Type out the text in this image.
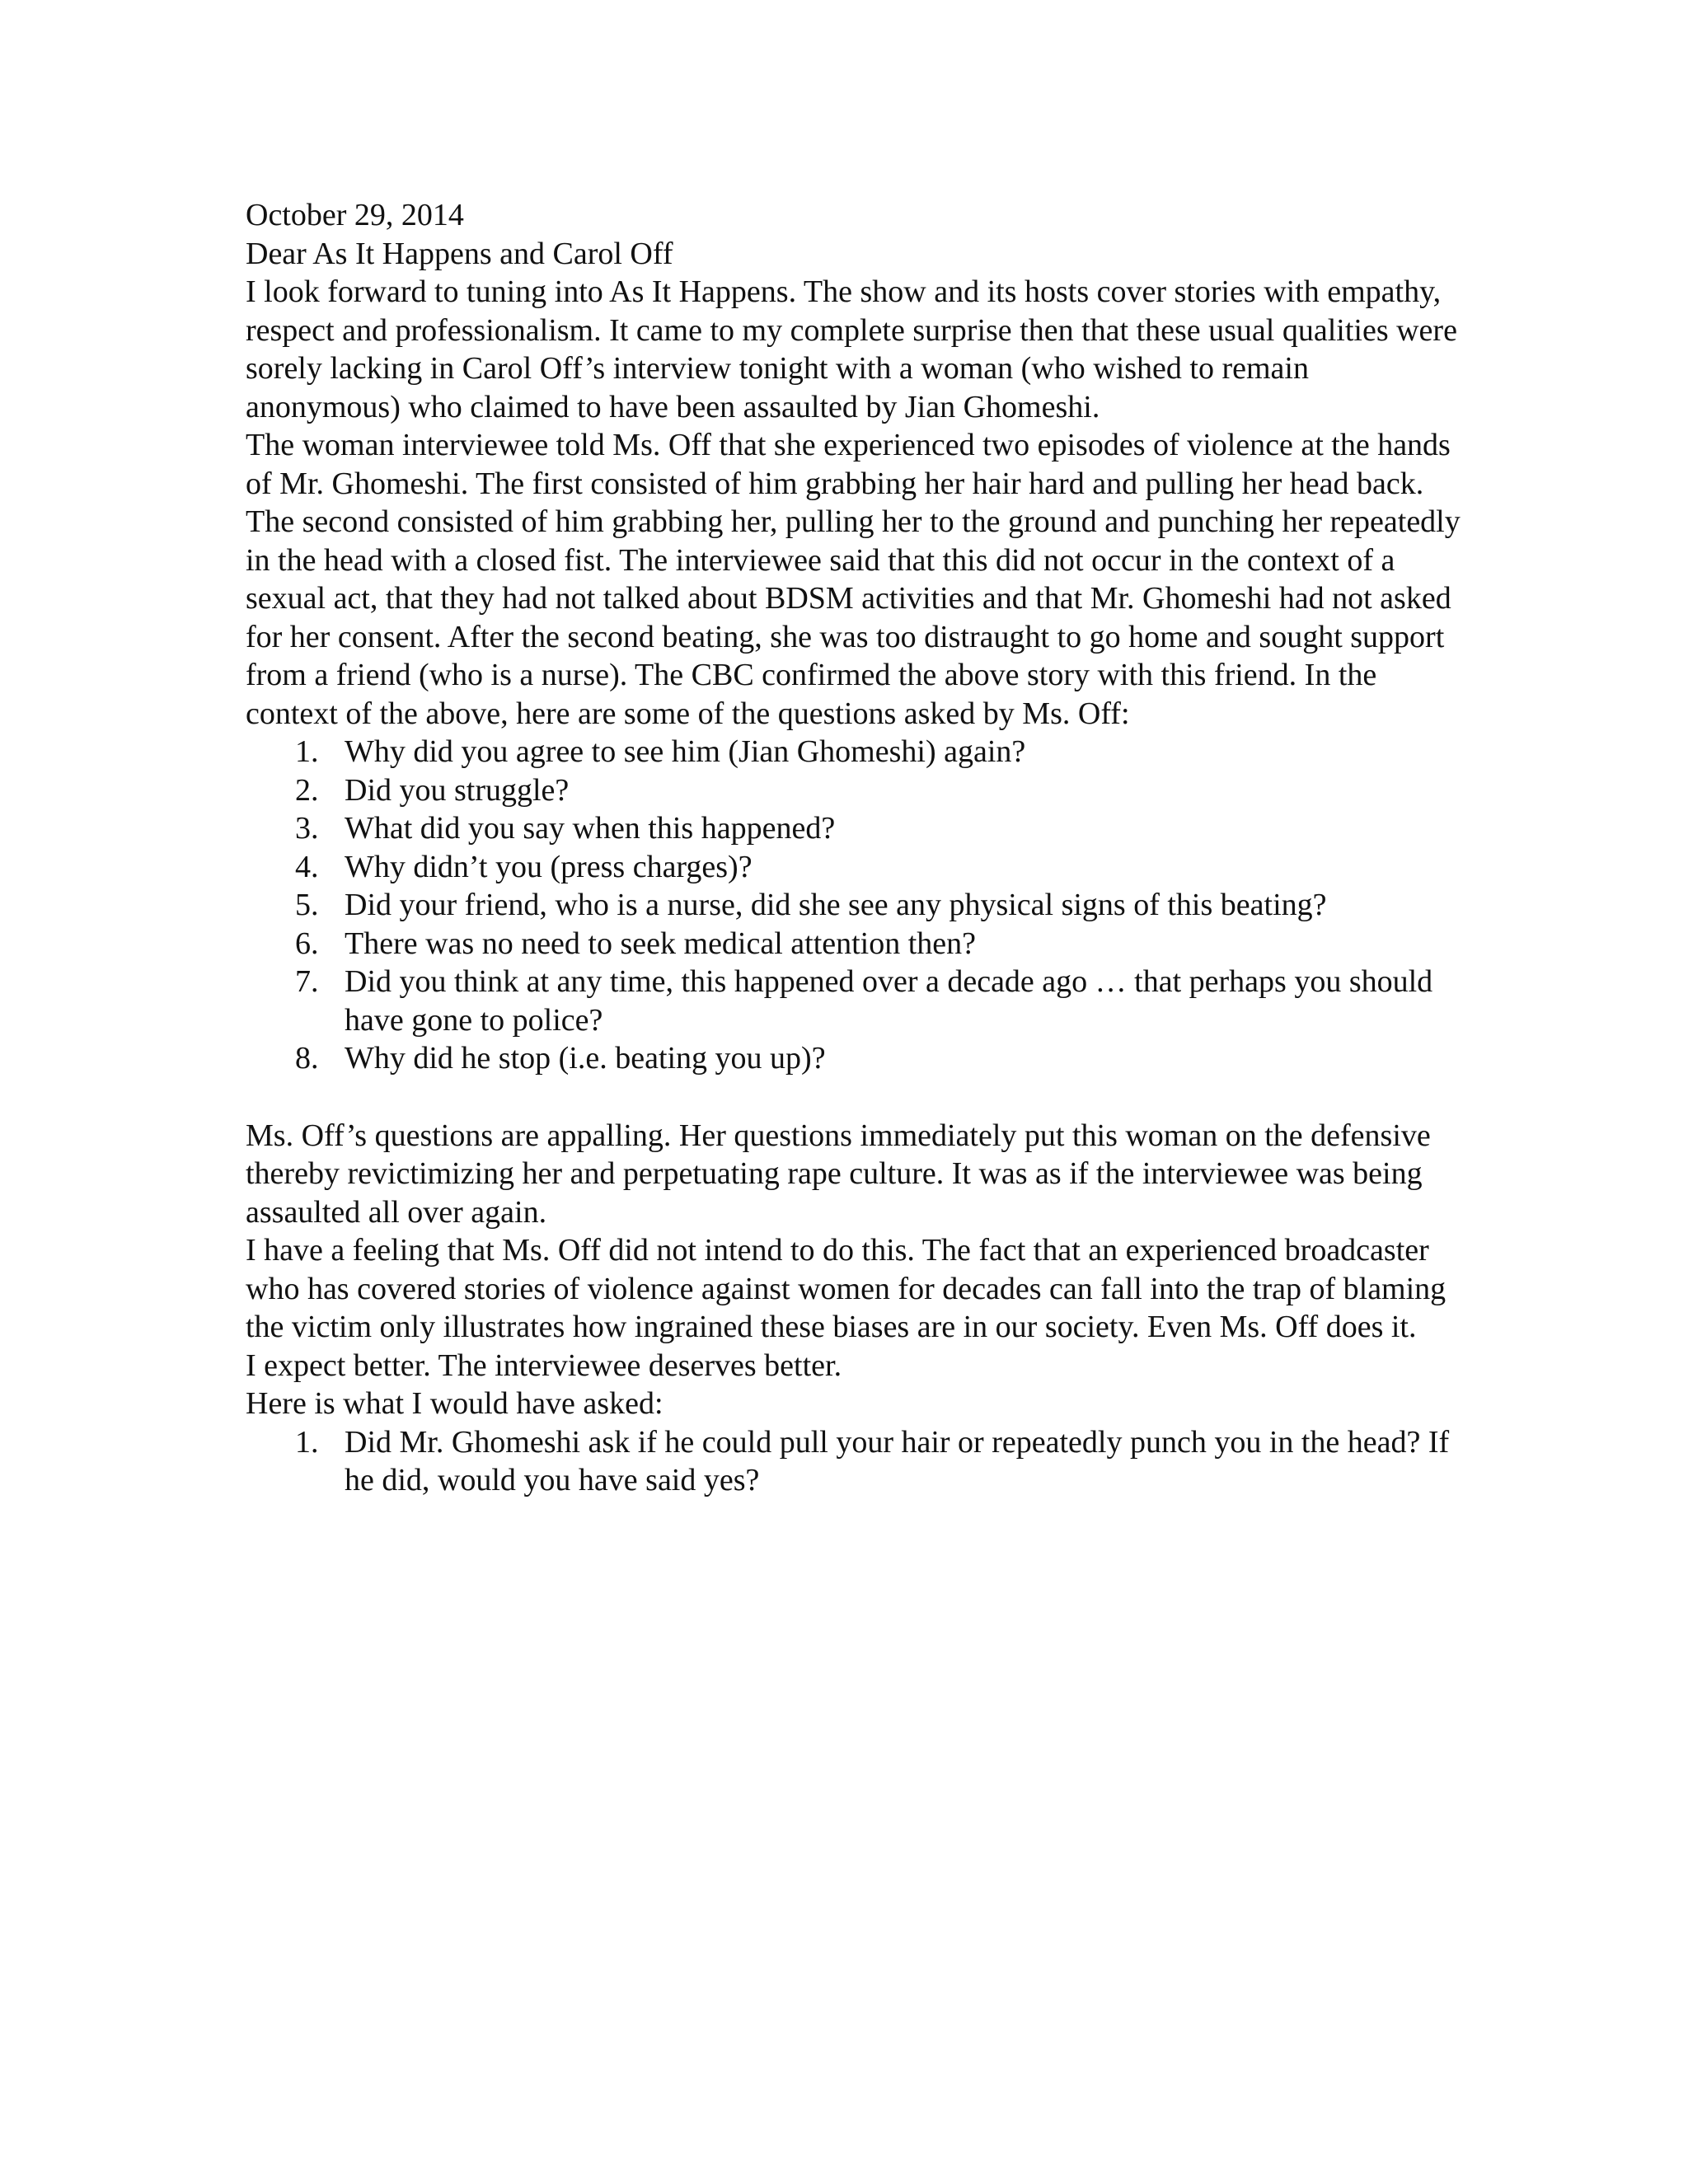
October 29, 2014

Dear As It Happens and Carol Off

I look forward to tuning into As It Happens. The show and its hosts cover stories with empathy, respect and professionalism. It came to my complete surprise then that these usual qualities were sorely lacking in Carol Off’s interview tonight with a woman (who wished to remain anonymous) who claimed to have been assaulted by Jian Ghomeshi.

The woman interviewee told Ms. Off that she experienced two episodes of violence at the hands of Mr. Ghomeshi. The first consisted of him grabbing her hair hard and pulling her head back. The second consisted of him grabbing her, pulling her to the ground and punching her repeatedly in the head with a closed fist. The interviewee said that this did not occur in the context of a sexual act, that they had not talked about BDSM activities and that Mr. Ghomeshi had not asked for her consent. After the second beating, she was too distraught to go home and sought support from a friend (who is a nurse). The CBC confirmed the above story with this friend. In the context of the above, here are some of the questions asked by Ms. Off:

1. Why did you agree to see him (Jian Ghomeshi) again?
2. Did you struggle?
3. What did you say when this happened?
4. Why didn’t you (press charges)?
5. Did your friend, who is a nurse, did she see any physical signs of this beating?
6. There was no need to seek medical attention then?
7. Did you think at any time, this happened over a decade ago … that perhaps you should have gone to police?
8. Why did he stop (i.e. beating you up)?

Ms. Off’s questions are appalling. Her questions immediately put this woman on the defensive thereby revictimizing her and perpetuating rape culture. It was as if the interviewee was being assaulted all over again.

I have a feeling that Ms. Off did not intend to do this. The fact that an experienced broadcaster who has covered stories of violence against women for decades can fall into the trap of blaming the victim only illustrates how ingrained these biases are in our society. Even Ms. Off does it.

I expect better. The interviewee deserves better.

Here is what I would have asked:

1. Did Mr. Ghomeshi ask if he could pull your hair or repeatedly punch you in the head? If he did, would you have said yes?
